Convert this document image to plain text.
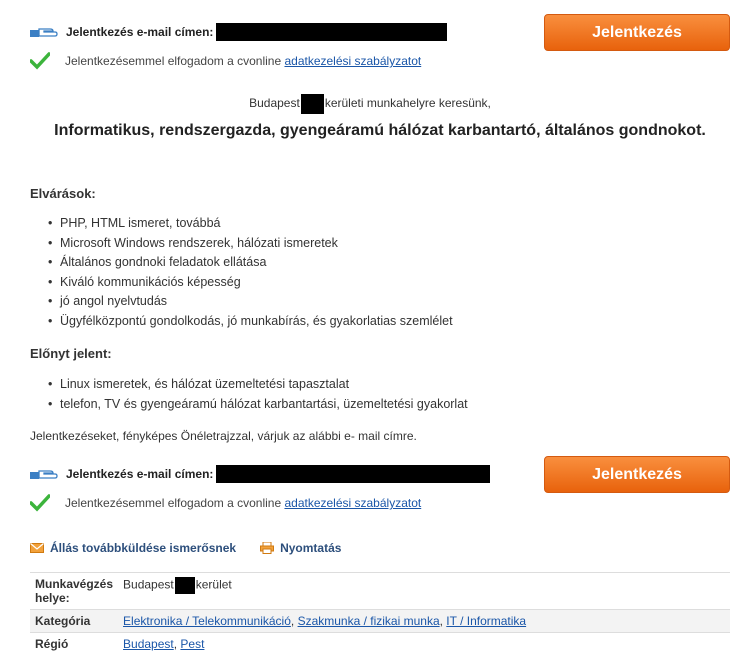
Jelentkezés e-mail címen:
Jelentkezésemmel elfogadom a cvonline
adatkezelési szabályzatot
Jelentkezés
Budapest kerületi munkahelyre keresünk,
Informatikus, rendszergazda, gyengeáramú hálózat karbantartó, általános gondnokot.
Elvárások:
• PHP, HTML ismeret, továbbá
• Microsoft Windows rendszerek, hálózati ismeretek
• Általános gondnoki feladatok ellátása
• Kiváló kommunikációs képesség
• jó angol nyelvtudás
• Ügyfélközpontú gondolkodás, jó munkabírás, és gyakorlatias szemlélet
Előnyt jelent:
• Linux ismeretek, és hálózat üzemeltetési tapasztalat
• telefon, TV és gyengeáramú hálózat karbantartási, üzemeltetési gyakorlat
Jelentkezéseket, fényképes Önéletrajzzal, várjuk az alábbi e- mail címre.
Jelentkezés e-mail címen:
Jelentkezésemmel elfogadom a cvonline
adatkezelési szabályzatot
Jelentkezés
Állás továbbküldése ismerősnek	Nyomtatás
Munkavégzés helye:	Budapest kerület
Kategória	Elektronika / Telekommunikáció, Szakmunka / fizikai munka, IT / Informatika
Régió	Budapest, Pest
